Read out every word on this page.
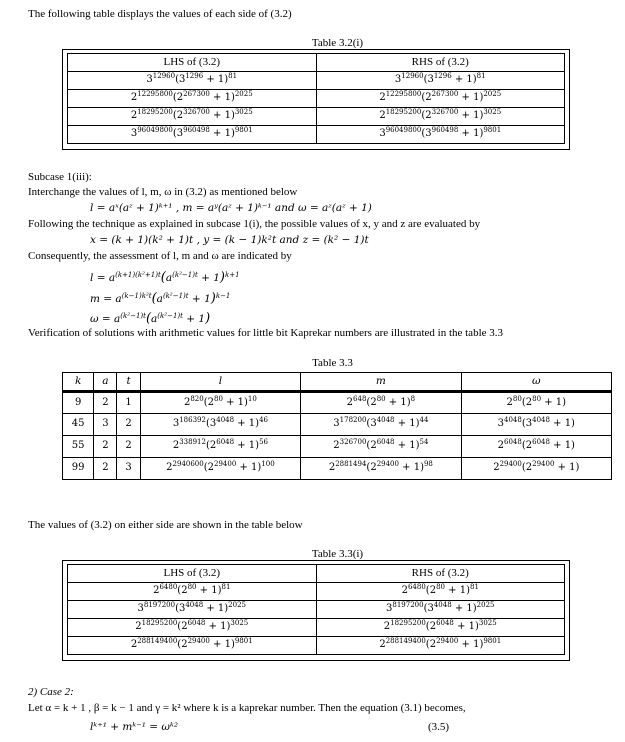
The following table displays the values of each side of (3.2)
Table 3.2(i)
LHS of (3.2)	RHS of (3.2)
$3^{12960}(3^{1296} + 1)^{81}$	$3^{12960}(3^{1296} + 1)^{81}$
$2^{12295800}(2^{267300} + 1)^{2025}$	$2^{12295800}(2^{267300} + 1)^{2025}$
$2^{18295200}(2^{326700} + 1)^{3025}$	$2^{18295200}(2^{326700} + 1)^{3025}$
$3^{96049800}(3^{960498} + 1)^{9801}$	$3^{96049800}(3^{960498} + 1)^{9801}$
Subcase 1(iii):
Interchange the values of l, m, ω in (3.2) as mentioned below
l = aˣ(aᶻ + 1)ᵏ⁺¹ , m = aʸ(aᶻ + 1)ᵏ⁻¹ and ω = aᶻ(aᶻ + 1)
Following the technique as explained in subcase 1(i), the possible values of x, y and z are evaluated by
x = (k + 1)(k² + 1)t , y = (k − 1)k²t and z = (k² − 1)t
Consequently, the assessment of l, m and ω are indicated by
$l = a^{(k+1)(k^2+1)t}(a^{(k^2-1)t} + 1)^{k+1}$
$m = a^{(k-1)k^2t}(a^{(k^2-1)t} + 1)^{k-1}$
$\omega = a^{(k^2-1)t}(a^{(k^2-1)t} + 1)$
Verification of solutions with arithmetic values for little bit Kaprekar numbers are illustrated in the table 3.3
Table 3.3
k	a	t	l	m	ω
9	2	1	$2^{820}(2^{80} + 1)^{10}$	$2^{648}(2^{80} + 1)^8$	$2^{80}(2^{80} + 1)$
45	3	2	$3^{186392}(3^{4048} + 1)^{46}$	$3^{178200}(3^{4048} + 1)^{44}$	$3^{4048}(3^{4048} + 1)$
55	2	2	$2^{338912}(2^{6048} + 1)^{56}$	$2^{326700}(2^{6048} + 1)^{54}$	$2^{6048}(2^{6048} + 1)$
99	2	3	$2^{2940600}(2^{29400} + 1)^{100}$	$2^{2881494}(2^{29400} + 1)^{98}$	$2^{29400}(2^{29400} + 1)$
The values of (3.2) on either side are shown in the table below
Table 3.3(i)
LHS of (3.2)	RHS of (3.2)
$2^{6480}(2^{80} + 1)^{81}$	$2^{6480}(2^{80} + 1)^{81}$
$3^{8197200}(3^{4048} + 1)^{2025}$	$3^{8197200}(3^{4048} + 1)^{2025}$
$2^{18295200}(2^{6048} + 1)^{3025}$	$2^{18295200}(2^{6048} + 1)^{3025}$
$2^{288149400}(2^{29400} + 1)^{9801}$	$2^{288149400}(2^{29400} + 1)^{9801}$
2) Case 2:
Let α = k + 1 , β = k − 1 and γ = k² where k is a kaprekar number. Then the equation (3.1) becomes,
lᵏ⁺¹ + mᵏ⁻¹ = ωᵏ²	(3.5)
